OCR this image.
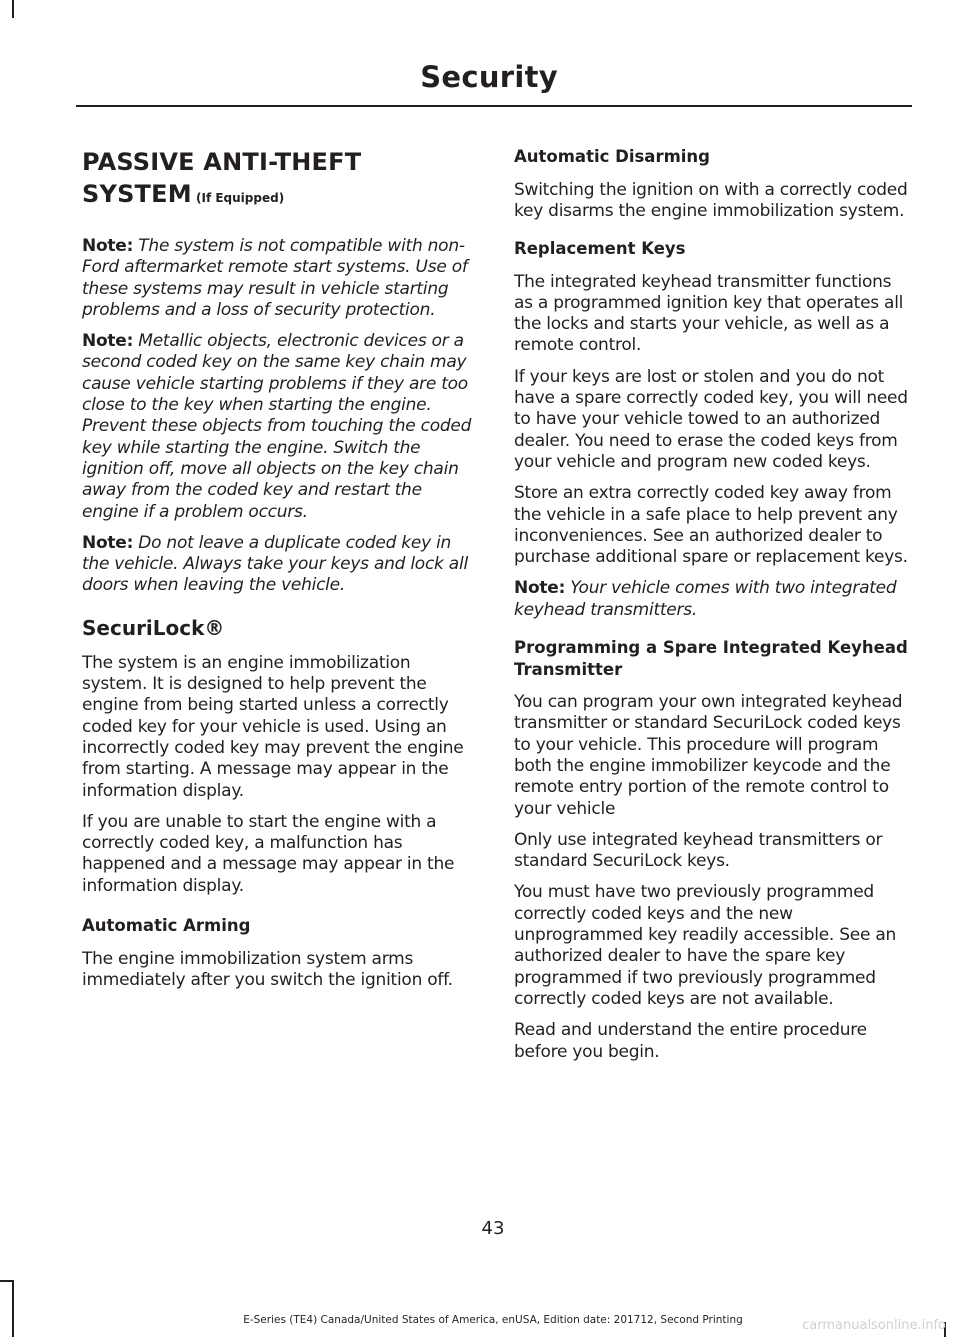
Security
PASSIVE ANTI-THEFT
SYSTEM (If Equipped)

Note: The system is not compatible with non-Ford aftermarket remote start systems. Use of these systems may result in vehicle starting problems and a loss of security protection.

Note: Metallic objects, electronic devices or a second coded key on the same key chain may cause vehicle starting problems if they are too close to the key when starting the engine. Prevent these objects from touching the coded key while starting the engine. Switch the ignition off, move all objects on the key chain away from the coded key and restart the engine if a problem occurs.

Note: Do not leave a duplicate coded key in the vehicle. Always take your keys and lock all doors when leaving the vehicle.

SecuriLock®

The system is an engine immobilization system. It is designed to help prevent the engine from being started unless a correctly coded key for your vehicle is used. Using an incorrectly coded key may prevent the engine from starting. A message may appear in the information display.

If you are unable to start the engine with a correctly coded key, a malfunction has happened and a message may appear in the information display.

Automatic Arming

The engine immobilization system arms immediately after you switch the ignition off.

Automatic Disarming

Switching the ignition on with a correctly coded key disarms the engine immobilization system.

Replacement Keys

The integrated keyhead transmitter functions as a programmed ignition key that operates all the locks and starts your vehicle, as well as a remote control.

If your keys are lost or stolen and you do not have a spare correctly coded key, you will need to have your vehicle towed to an authorized dealer. You need to erase the coded keys from your vehicle and program new coded keys.

Store an extra correctly coded key away from the vehicle in a safe place to help prevent any inconveniences. See an authorized dealer to purchase additional spare or replacement keys.

Note: Your vehicle comes with two integrated keyhead transmitters.

Programming a Spare Integrated Keyhead Transmitter

You can program your own integrated keyhead transmitter or standard SecuriLock coded keys to your vehicle. This procedure will program both the engine immobilizer keycode and the remote entry portion of the remote control to your vehicle

Only use integrated keyhead transmitters or standard SecuriLock keys.

You must have two previously programmed correctly coded keys and the new unprogrammed key readily accessible. See an authorized dealer to have the spare key programmed if two previously programmed correctly coded keys are not available.

Read and understand the entire procedure before you begin.

43
E-Series (TE4) Canada/United States of America, enUSA, Edition date: 201712, Second Printing	carmanualsonline.info
